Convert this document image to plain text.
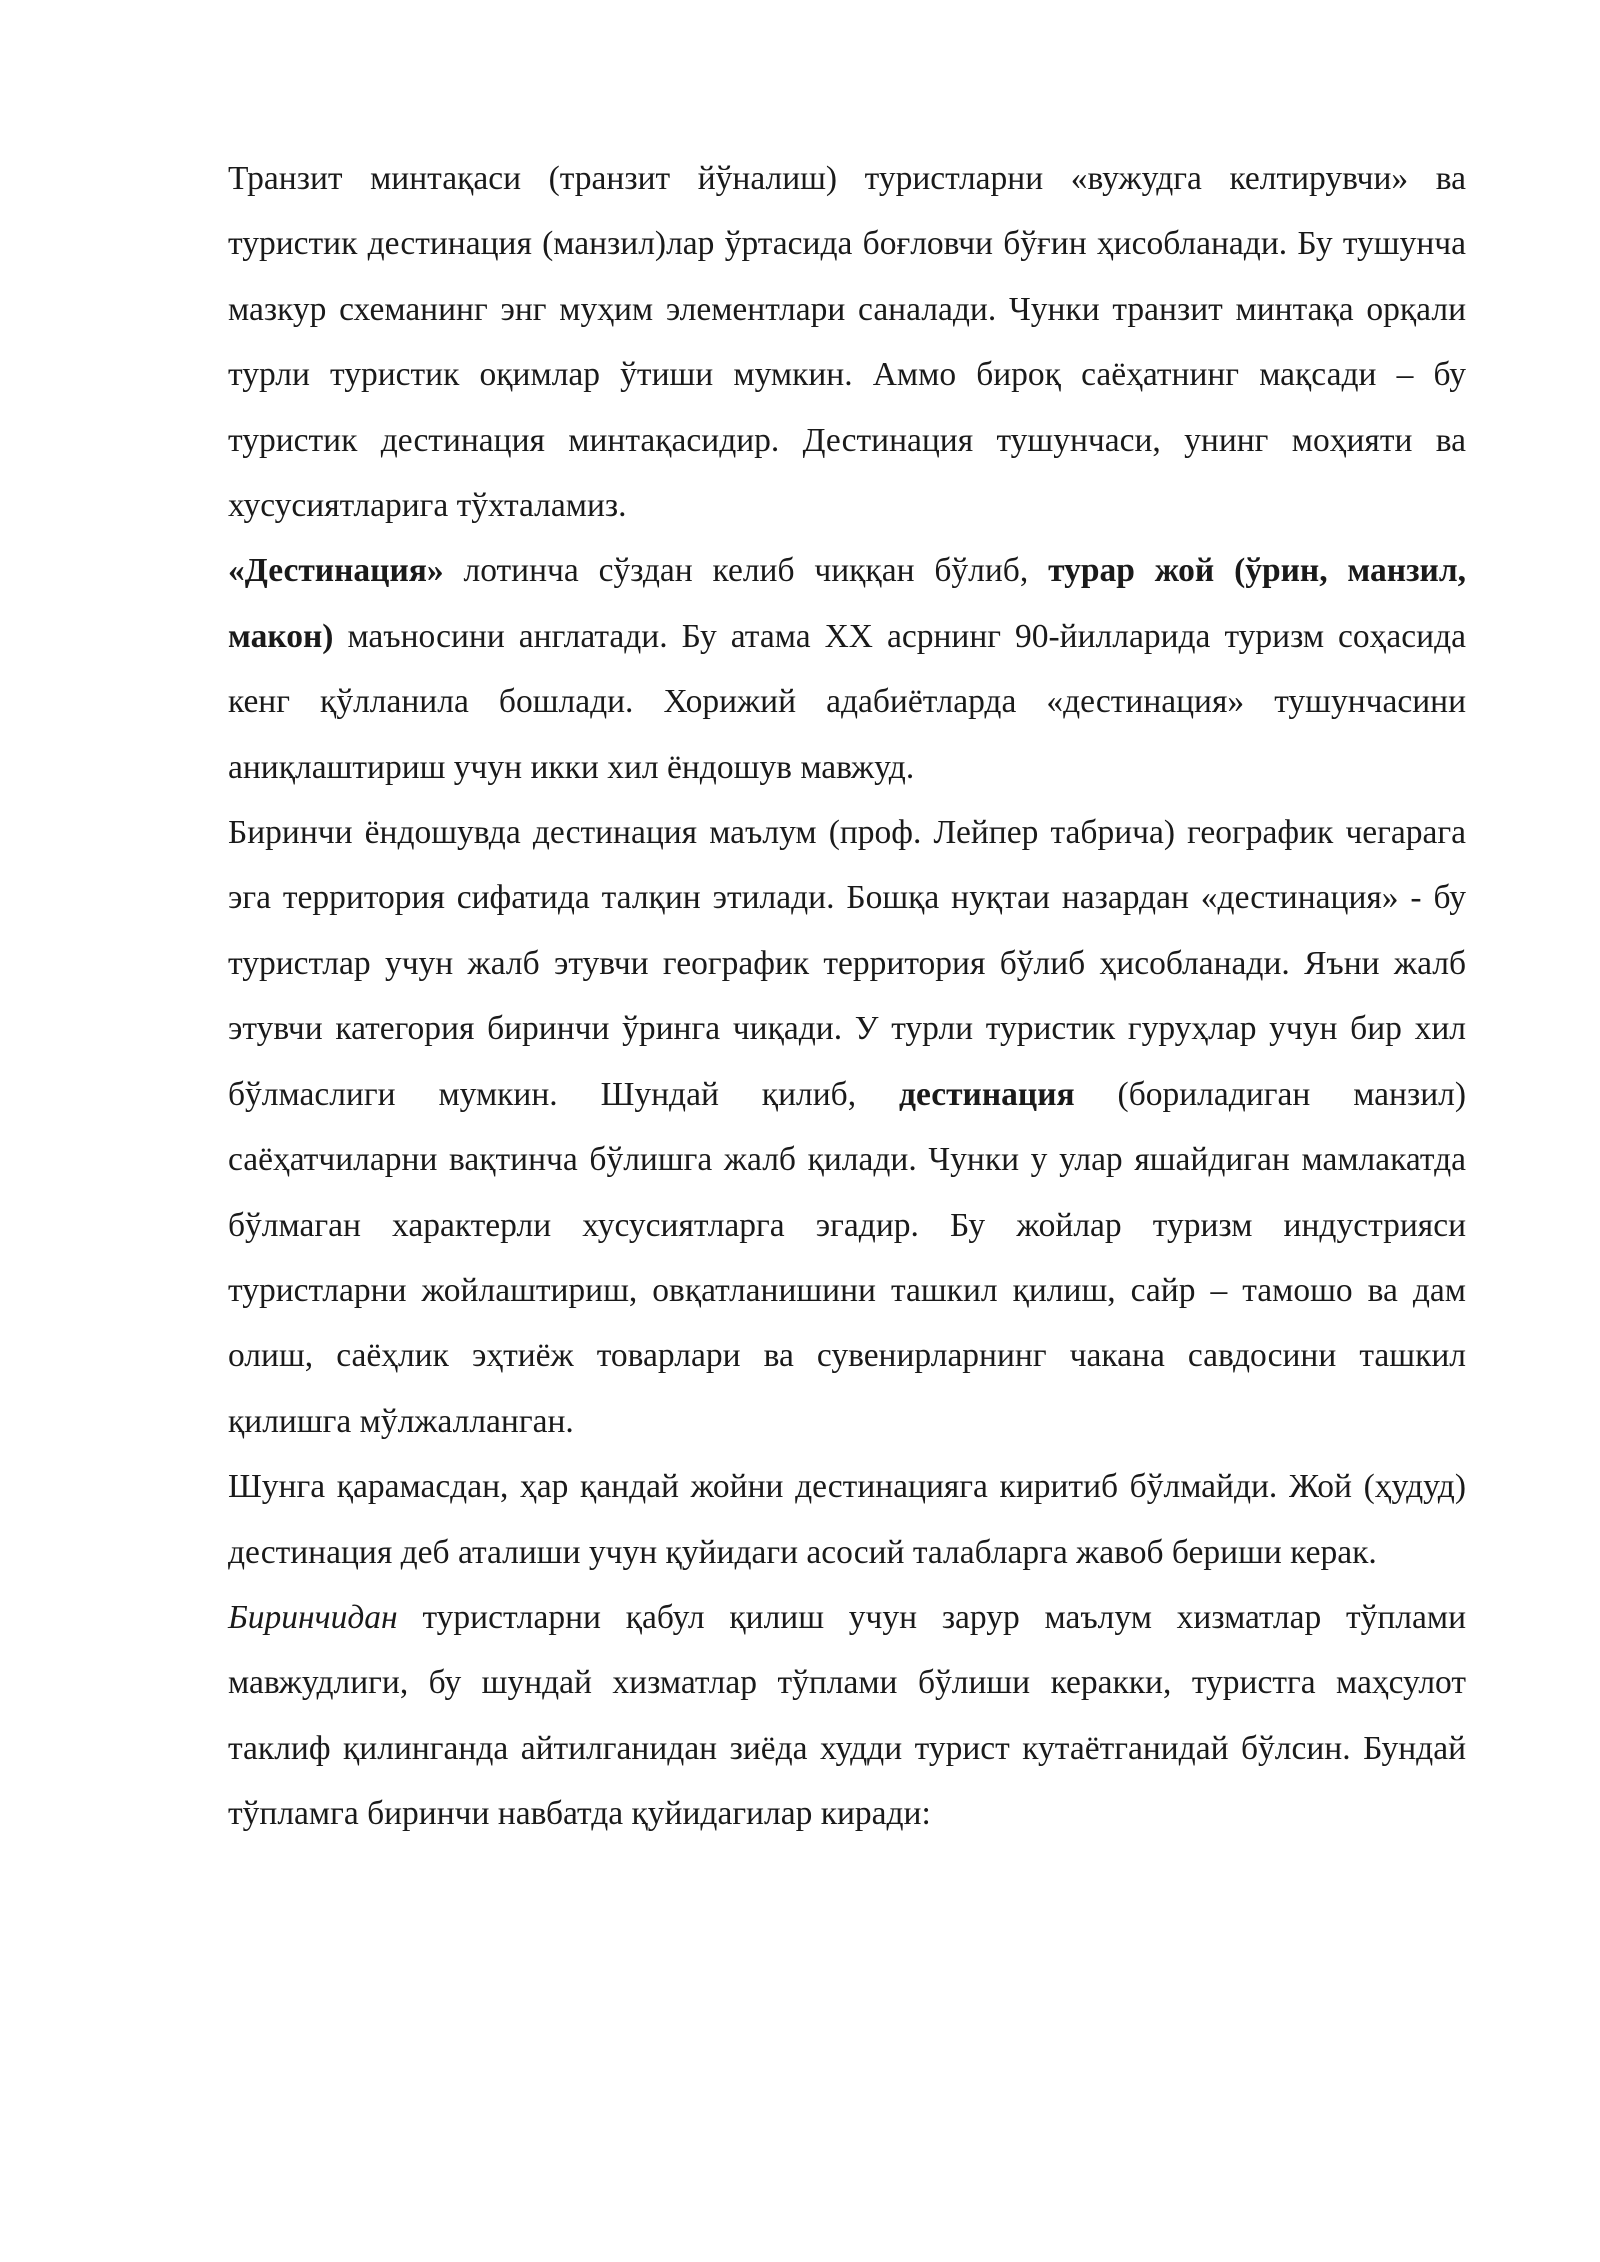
Транзит минтақаси (транзит йўналиш) туристларни «вужудга келтирувчи» ва туристик дестинация (манзил)лар ўртасида боғловчи бўғин ҳисобланади. Бу тушунча мазкур схеманинг энг муҳим элементлари саналади. Чунки транзит минтақа орқали турли туристик оқимлар ўтиши мумкин. Аммо бироқ саёҳатнинг мақсади – бу туристик дестинация минтақасидир. Дестинация тушунчаси, унинг моҳияти ва хусусиятларига тўхталамиз.

«Дестинация» лотинча сўздан келиб чиққан бўлиб, турар жой (ўрин, манзил, макон) маъносини англатади. Бу атама ХХ асрнинг 90-йилларида туризм соҳасида кенг қўлланила бошлади. Хорижий адабиётларда «дестинация» тушунчасини аниқлаштириш учун икки хил ёндошув мавжуд.

Биринчи ёндошувда дестинация маълум (проф. Лейпер табрича) географик чегарага эга территория сифатида талқин этилади. Бошқа нуқтаи назардан «дестинация» - бу туристлар учун жалб этувчи географик территория бўлиб ҳисобланади. Яъни жалб этувчи категория биринчи ўринга чиқади. У турли туристик гуруҳлар учун бир хил бўлмаслиги мумкин. Шундай қилиб, дестинация (бориладиган манзил) саёҳатчиларни вақтинча бўлишга жалб қилади. Чунки у улар яшайдиган мамлакатда бўлмаган характерли хусусиятларга эгадир. Бу жойлар туризм индустрияси туристларни жойлаштириш, овқатланишини ташкил қилиш, сайр – тамошо ва дам олиш, саёҳлик эҳтиёж товарлари ва сувенирларнинг чакана савдосини ташкил қилишга мўлжалланган.

Шунга қарамасдан, ҳар қандай жойни дестинацияга киритиб бўлмайди. Жой (ҳудуд) дестинация деб аталиши учун қуйидаги асосий талабларга жавоб бериши керак.

Биринчидан туристларни қабул қилиш учун зарур маълум хизматлар тўплами мавжудлиги, бу шундай хизматлар тўплами бўлиши керакки, туристга маҳсулот таклиф қилинганда айтилганидан зиёда худди турист кутаётганидай бўлсин. Бундай тўпламга биринчи навбатда қуйидагилар киради:
